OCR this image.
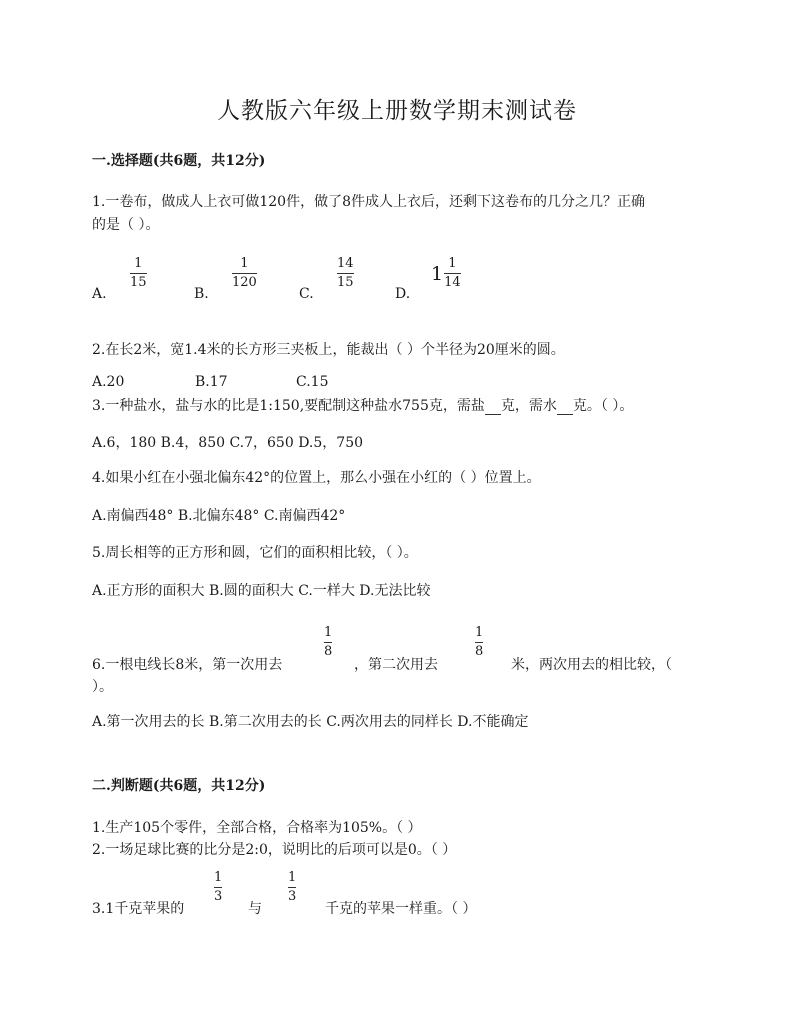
人教版六年级上册数学期末测试卷
一.选择题(共6题，共12分)
1.一卷布，做成人上衣可做120件，做了8件成人上衣后，还剩下这卷布的几分之几？正确
的是（ ）。
A.
1
15
B.
1
120
C.
14
15
D.
$1 \frac{1}{14}$
2.在长2米，宽1.4米的长方形三夹板上，能裁出（ ）个半径为20厘米的圆。
A.20	B.17	C.15
3.一种盐水，盐与水的比是1:150,要配制这种盐水755克，需盐 克，需水 克。（ ）。
A.6，180 B.4，850 C.7，650 D.5，750
4.如果小红在小强北偏东42°的位置上，那么小强在小红的（ ）位置上。
A.南偏西48° B.北偏东48° C.南偏西42°
5.周长相等的正方形和圆，它们的面积相比较，（ ）。
A.正方形的面积大 B.圆的面积大 C.一样大 D.无法比较
6.一根电线长8米，第一次用去
1
8
，第二次用去
1
8
米，两次用去的相比较，（
）。
A.第一次用去的长 B.第二次用去的长 C.两次用去的同样长 D.不能确定
二.判断题(共6题，共12分)
1.生产105个零件，全部合格，合格率为105%。（ ）
2.一场足球比赛的比分是2:0，说明比的后项可以是0。（ ）
3.1千克苹果的
1
3
与
1
3
千克的苹果一样重。（ ）
